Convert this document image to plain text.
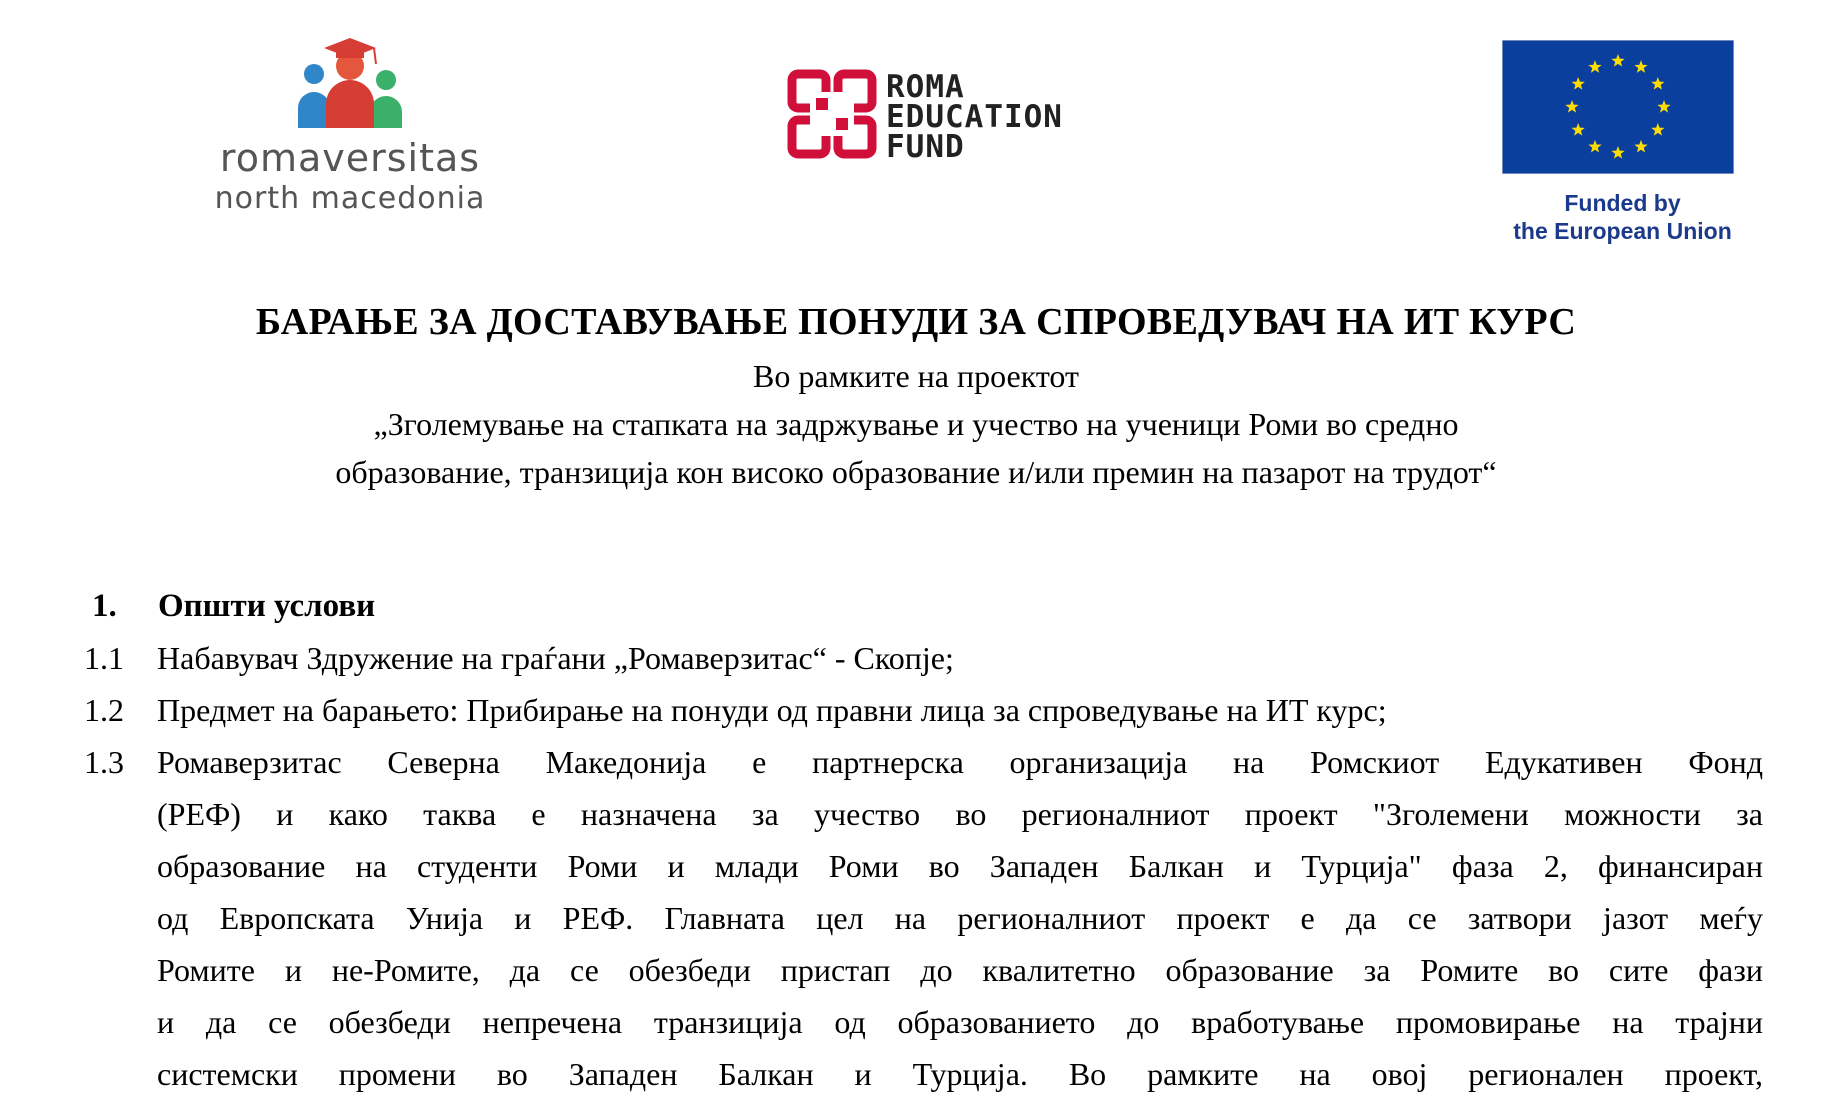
romaversitas
north macedonia
ROMA
EDUCATION
FUND
Funded by
the European Union
БАРАЊЕ ЗА ДОСТАВУВАЊЕ ПОНУДИ ЗА СПРОВЕДУВАЧ НА ИТ КУРС
Во рамките на проектот
„Зголемување на стапката на задржување и учество на ученици Роми во средно
образование, транзиција кон високо образование и/или премин на пазарот на трудот“
1. Општи услови
1.1 Набавувач Здружение на граѓани „Ромаверзитас“ - Скопје;
1.2 Предмет на барањето: Прибирање на понуди од правни лица за спроведување на ИТ курс;
1.3 Ромаверзитас Северна Македонија е партнерска организација на Ромскиот Едукативен Фонд
(РЕФ) и како таква е назначена за учество во регионалниот проект "Зголемени можности за
образование на студенти Роми и млади Роми во Западен Балкан и Турција" фаза 2, финансиран
од Европската Унија и РЕФ. Главната цел на регионалниот проект е да се затвори јазот меѓу
Ромите и не-Ромите, да се обезбеди пристап до квалитетно образование за Ромите во сите фази
и да се обезбеди непречена транзиција од образованието до вработување промовирање на трајни
системски промени во Западен Балкан и Турција. Во рамките на овој регионален проект,
